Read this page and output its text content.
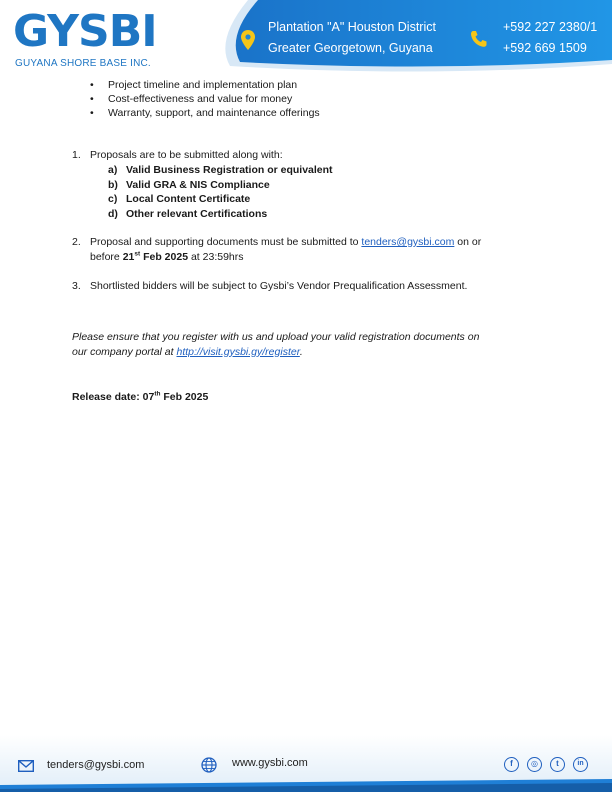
GYSBI
GUYANA SHORE BASE INC.
Plantation "A" Houston District
Greater Georgetown, Guyana
+592 227 2380/1
+592 669 1509
• Project timeline and implementation plan
• Cost-effectiveness and value for money
• Warranty, support, and maintenance offerings
1. Proposals are to be submitted along with:
a) Valid Business Registration or equivalent
b) Valid GRA & NIS Compliance
c) Local Content Certificate
d) Other relevant Certifications
2. Proposal and supporting documents must be submitted to tenders@gysbi.com on or
before 21st Feb 2025 at 23:59hrs
3. Shortlisted bidders will be subject to Gysbi’s Vendor Prequalification Assessment.
Please ensure that you register with us and upload your valid registration documents on
our company portal at http://visit.gysbi.gy/register.
Release date: 07th Feb 2025
tenders@gysbi.com	www.gysbi.com	f	◎	t	in
